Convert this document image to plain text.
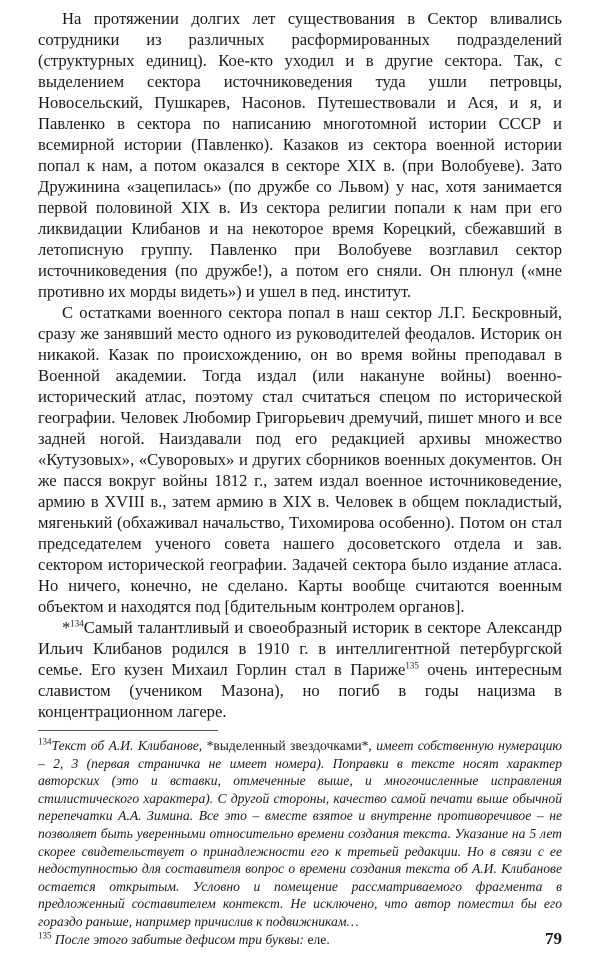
На протяжении долгих лет существования в Сектор вливались сотрудники из различных расформированных подразделений (структурных единиц). Кое-кто уходил и в другие сектора. Так, с выделением сектора источниковедения туда ушли петровцы, Новосельский, Пушкарев, Насонов. Путешествовали и Ася, и я, и Павленко в сектора по написанию многотомной истории СССР и всемирной истории (Павленко). Казаков из сектора военной истории попал к нам, а потом оказался в секторе XIX в. (при Волобуеве). Зато Дружинина «зацепилась» (по дружбе со Львом) у нас, хотя занимается первой половиной XIX в. Из сектора религии попали к нам при его ликвидации Клибанов и на некоторое время Корецкий, сбежавший в летописную группу. Павленко при Волобуеве возглавил сектор источниковедения (по дружбе!), а потом его сняли. Он плюнул («мне противно их морды видеть») и ушел в пед. институт.

С остатками военного сектора попал в наш сектор Л.Г. Бескровный, сразу же занявший место одного из руководителей феодалов. Историк он никакой. Казак по происхождению, он во время войны преподавал в Военной академии. Тогда издал (или накануне войны) военно-исторический атлас, поэтому стал считаться спецом по исторической географии. Человек Любомир Григорьевич дремучий, пишет много и все задней ногой. Наиздавали под его редакцией архивы множество «Кутузовых», «Суворовых» и других сборников военных документов. Он же пасся вокруг войны 1812 г., затем издал военное источниковедение, армию в XVIII в., затем армию в XIX в. Человек в общем покладистый, мягенький (обхаживал начальство, Тихомирова особенно). Потом он стал председателем ученого совета нашего досоветского отдела и зав. сектором исторической географии. Задачей сектора было издание атласа. Но ничего, конечно, не сделано. Карты вообще считаются военным объектом и находятся под [бдительным контролем органов].

*$^{134}$Самый талантливый и своеобразный историк в секторе Александр Ильич Клибанов родился в 1910 г. в интеллигентной петербургской семье. Его кузен Михаил Горлин стал в Париже$^{135}$ очень интересным славистом (учеником Мазона), но погиб в годы нацизма в концентрационном лагере.

$^{134}$Текст об А.И. Клибанове, *выделенный звездочками*, имеет собственную нумерацию – 2, 3 (первая страничка не имеет номера). Поправки в тексте носят характер авторских (это и вставки, отмеченные выше, и многочисленные исправления стилистического характера). С другой стороны, качество самой печати выше обычной перепечатки А.А. Зимина. Все это – вместе взятое и внутренне противоречивое – не позволяет быть уверенными относительно времени создания текста. Указание на 5 лет скорее свидетельствует о принадлежности его к третьей редакции. Но в связи с ее недоступностью для составителя вопрос о времени создания текста об А.И. Клибанове остается открытым. Условно и помещение рассматриваемого фрагмента в предложенный составителем контекст. Не исключено, что автор поместил бы его гораздо раньше, например причислив к подвижникам…

$^{135}$ После этого забитые дефисом три буквы: еле.	79
